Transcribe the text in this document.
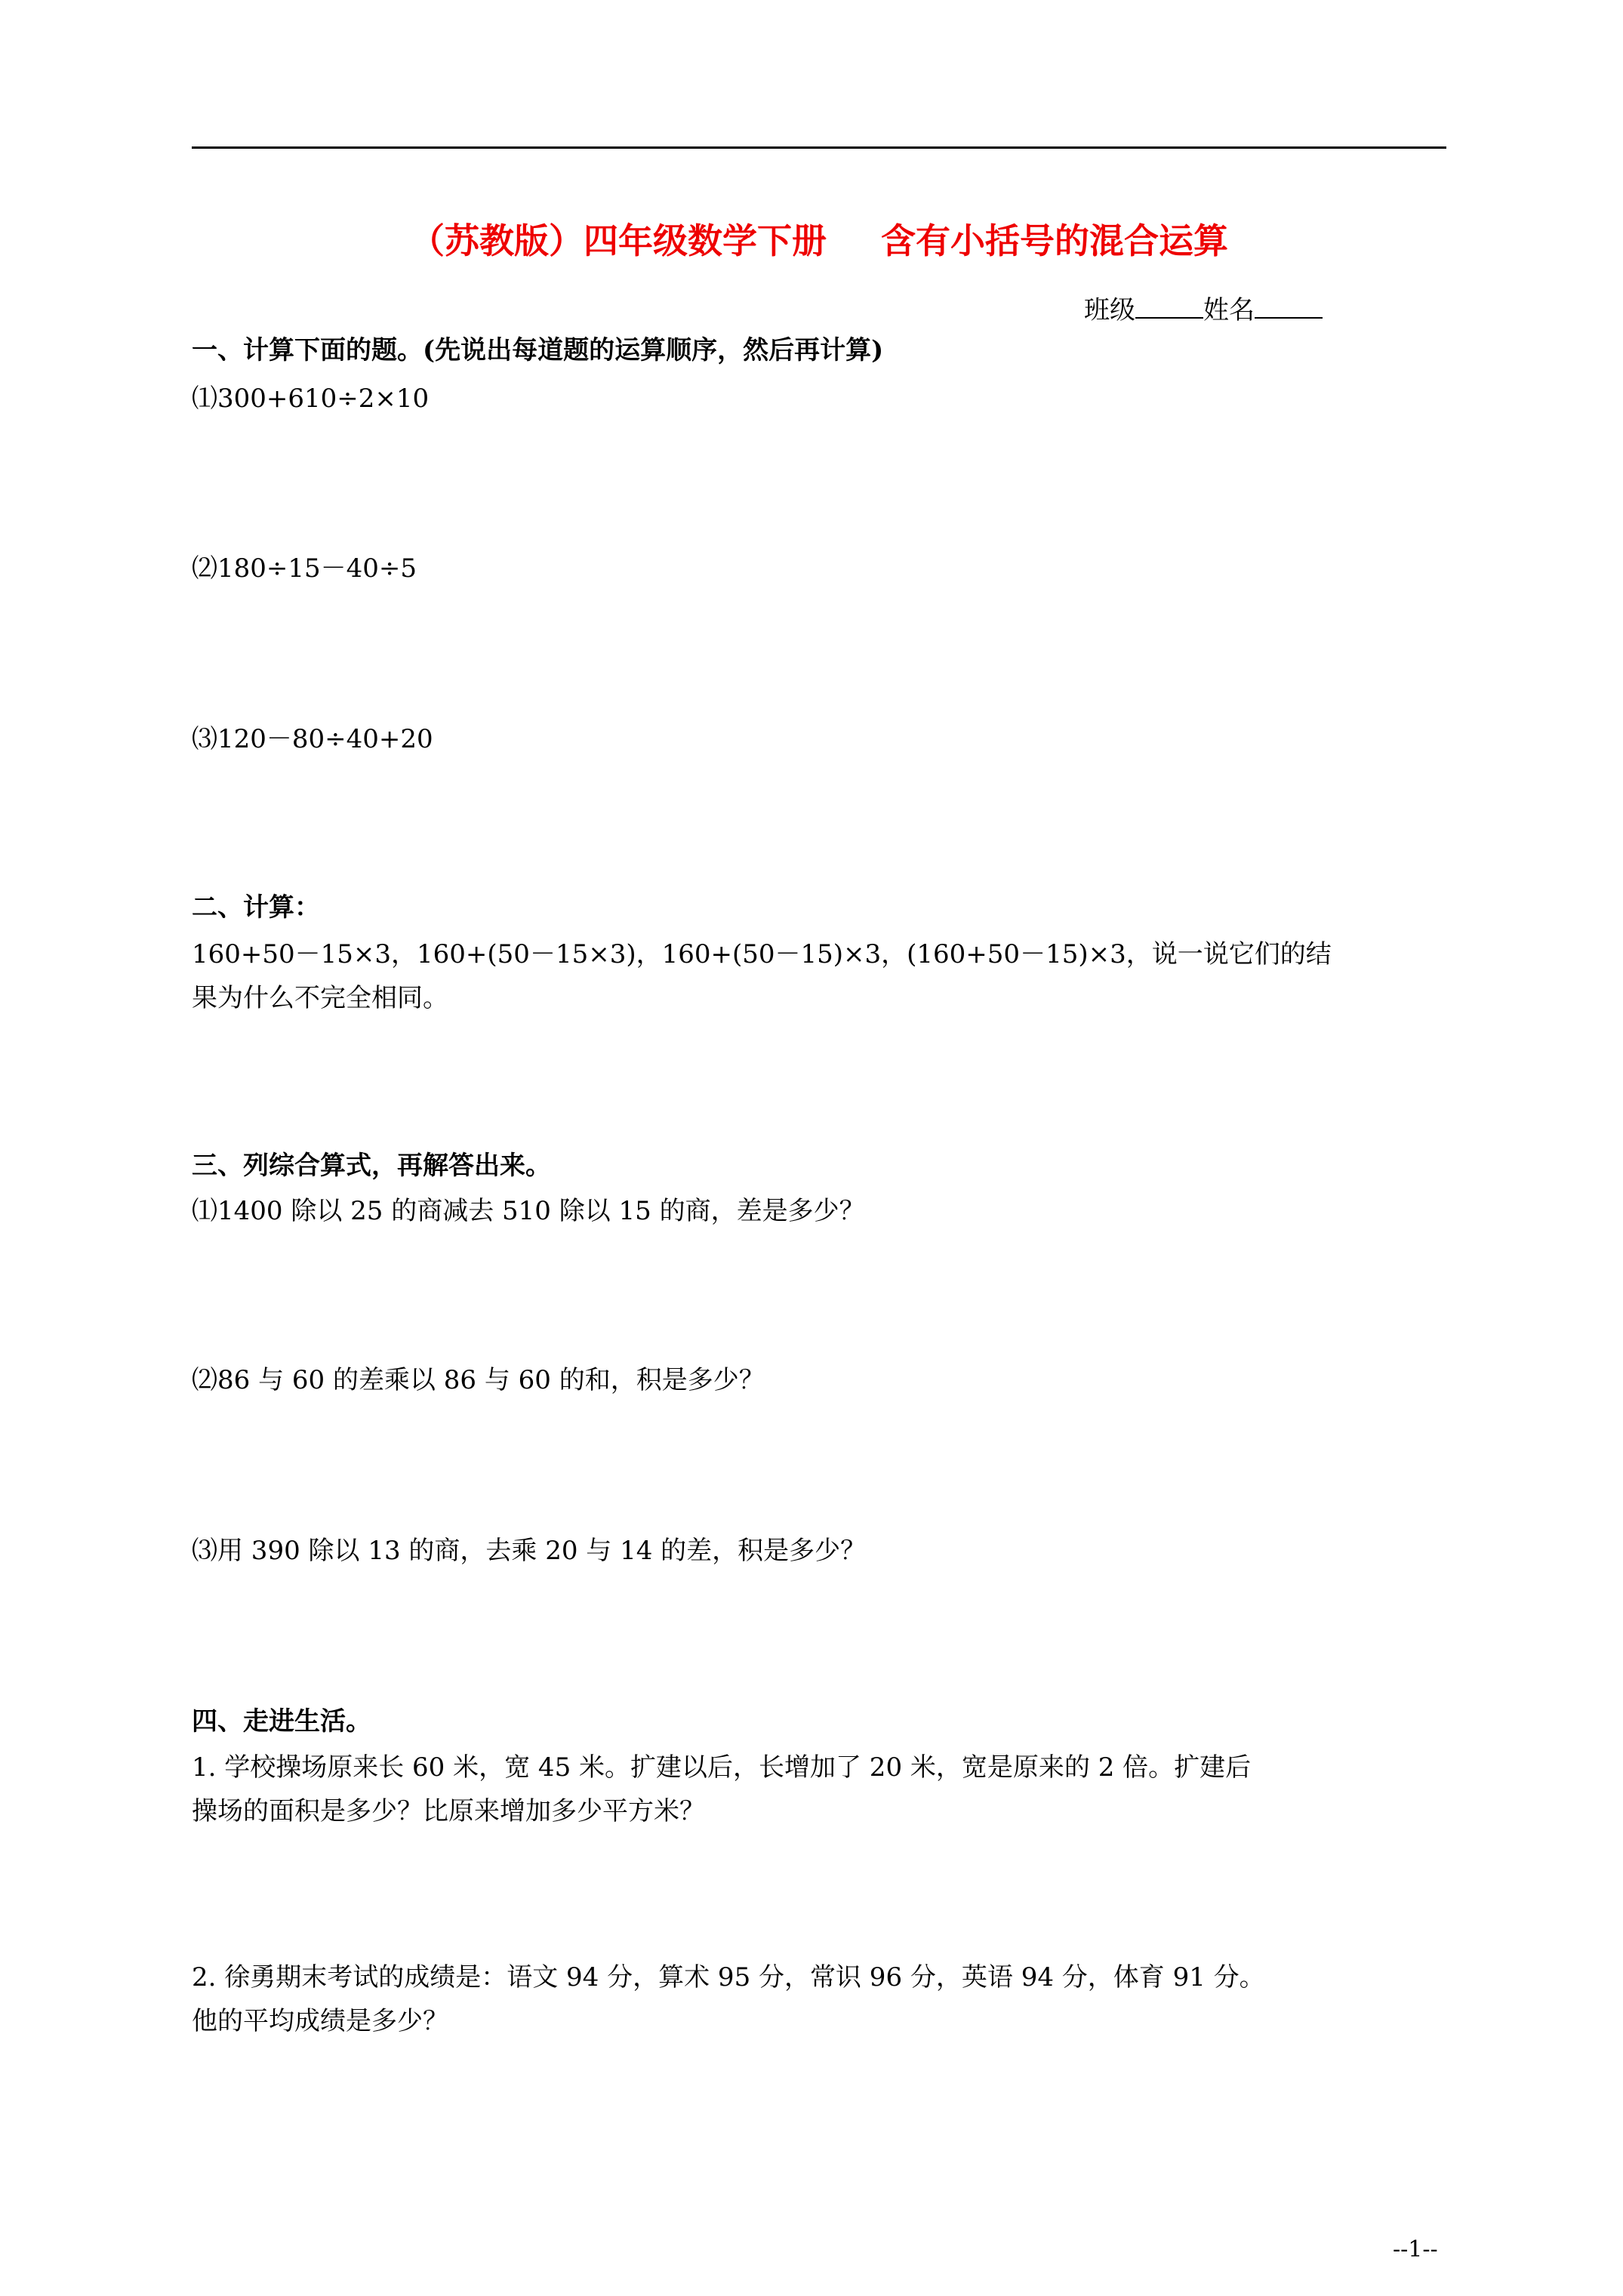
（苏教版）四年级数学下册 含有小括号的混合运算
班级	姓名
一、计算下面的题。(先说出每道题的运算顺序，然后再计算)
⑴300+610÷2×10
⑵180÷15－40÷5
⑶120－80÷40+20
二、计算：
160+50－15×3，160+(50－15×3)，160+(50－15)×3，(160+50－15)×3，说一说它们的结
果为什么不完全相同。
三、列综合算式，再解答出来。
⑴1400 除以 25 的商减去 510 除以 15 的商，差是多少？
⑵86 与 60 的差乘以 86 与 60 的和，积是多少？
⑶用 390 除以 13 的商，去乘 20 与 14 的差，积是多少？
四、走进生活。
1. 学校操场原来长 60 米，宽 45 米。扩建以后，长增加了 20 米，宽是原来的 2 倍。扩建后
操场的面积是多少？比原来增加多少平方米？
2. 徐勇期末考试的成绩是：语文 94 分，算术 95 分，常识 96 分，英语 94 分，体育 91 分。
他的平均成绩是多少？
--1--
